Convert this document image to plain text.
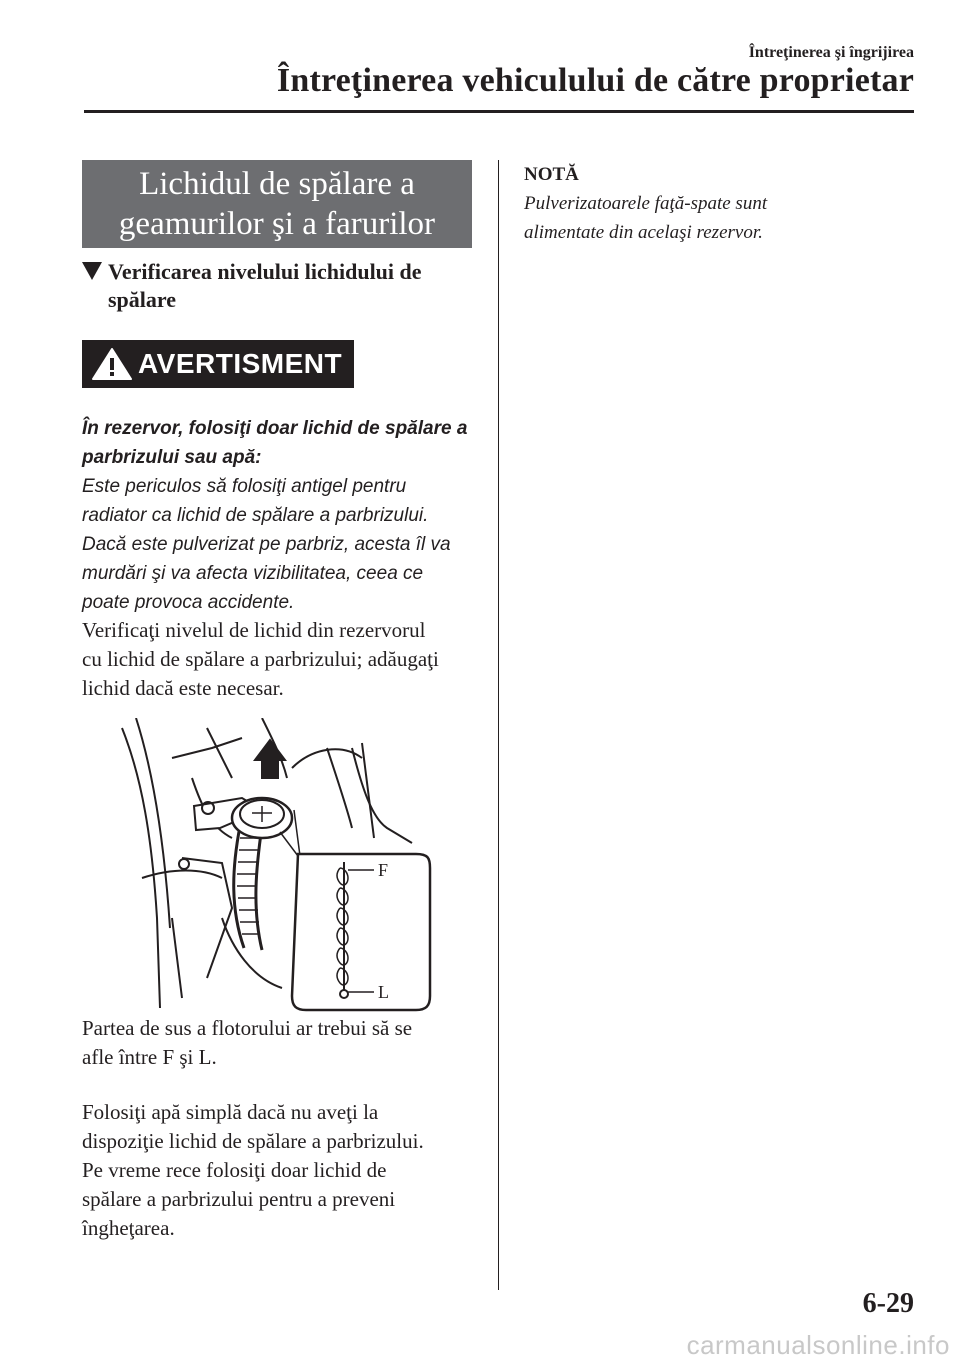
Întreţinerea şi îngrijirea
Întreţinerea vehiculului de către proprietar
Lichidul de spălare a
geamurilor şi a farurilor
Verificarea nivelului lichidului de
spălare
AVERTISMENT
În rezervor, folosiţi doar lichid de spălare a
parbrizului sau apă:
Este periculos să folosiţi antigel pentru
radiator ca lichid de spălare a parbrizului.
Dacă este pulverizat pe parbriz, acesta îl va
murdări şi va afecta vizibilitatea, ceea ce
poate provoca accidente.
Verificaţi nivelul de lichid din rezervorul
cu lichid de spălare a parbrizului; adăugaţi
lichid dacă este necesar.
F
L
Partea de sus a flotorului ar trebui să se
afle între F şi L.
Folosiţi apă simplă dacă nu aveţi la
dispoziţie lichid de spălare a parbrizului.
Pe vreme rece folosiţi doar lichid de
spălare a parbrizului pentru a preveni
îngheţarea.
NOTĂ
Pulverizatoarele faţă-spate sunt
alimentate din acelaşi rezervor.
6-29
carmanualsonline.info
